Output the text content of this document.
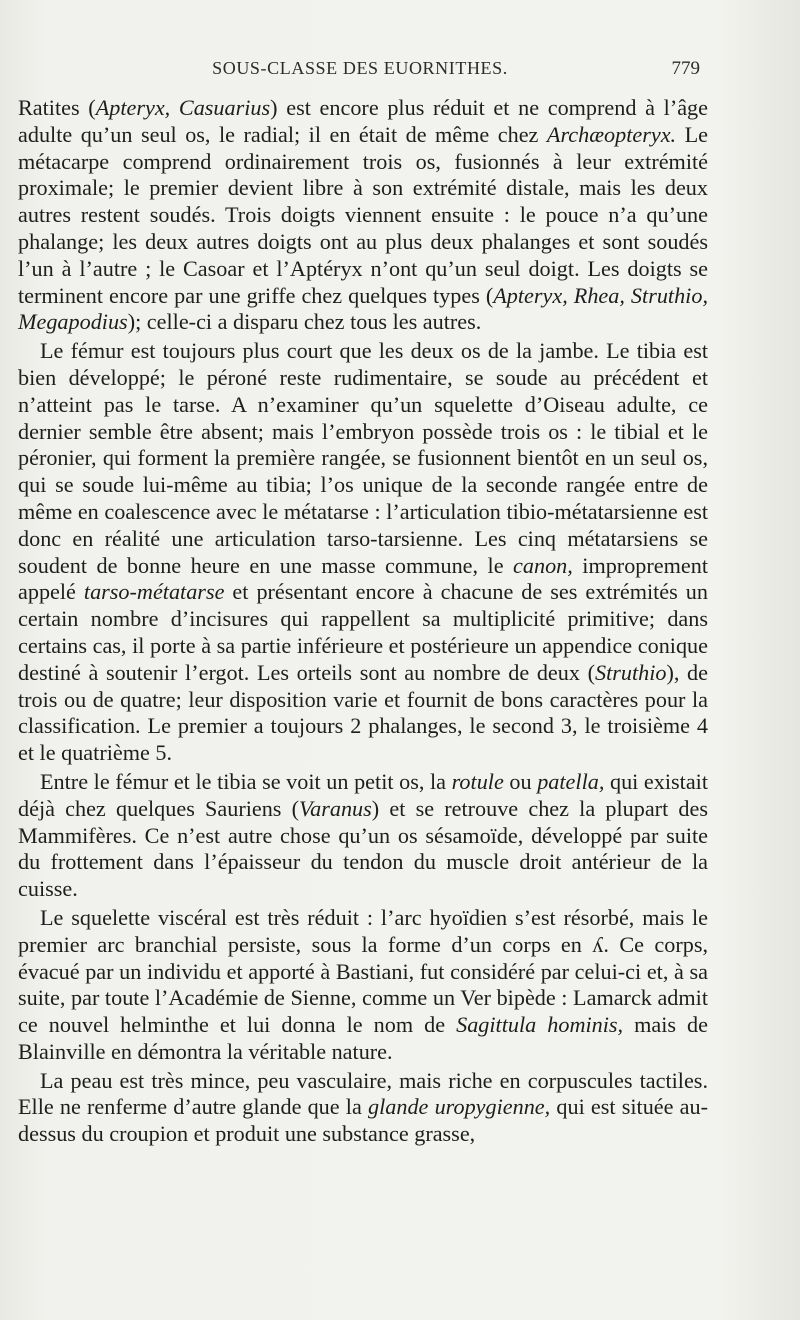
SOUS-CLASSE DES EUORNITHES.	779

Ratites (Apteryx, Casuarius) est encore plus réduit et ne comprend à l’âge adulte qu’un seul os, le radial; il en était de même chez Archæopteryx. Le métacarpe comprend ordinairement trois os, fusionnés à leur extrémité proximale; le premier devient libre à son extrémité distale, mais les deux autres restent soudés. Trois doigts viennent ensuite : le pouce n’a qu’une phalange; les deux autres doigts ont au plus deux phalanges et sont soudés l’un à l’autre ; le Casoar et l’Aptéryx n’ont qu’un seul doigt. Les doigts se terminent encore par une griffe chez quelques types (Apteryx, Rhea, Struthio, Megapodius); celle-ci a disparu chez tous les autres.

Le fémur est toujours plus court que les deux os de la jambe. Le tibia est bien développé; le péroné reste rudimentaire, se soude au précédent et n’atteint pas le tarse. A n’examiner qu’un squelette d’Oiseau adulte, ce dernier semble être absent; mais l’embryon possède trois os : le tibial et le péronier, qui forment la première rangée, se fusionnent bientôt en un seul os, qui se soude lui-même au tibia; l’os unique de la seconde rangée entre de même en coalescence avec le métatarse : l’articulation tibio-métatarsienne est donc en réalité une articulation tarso-tarsienne. Les cinq métatarsiens se soudent de bonne heure en une masse commune, le canon, improprement appelé tarso-métatarse et présentant encore à chacune de ses extrémités un certain nombre d’incisures qui rappellent sa multiplicité primitive; dans certains cas, il porte à sa partie inférieure et postérieure un appendice conique destiné à soutenir l’ergot. Les orteils sont au nombre de deux (Struthio), de trois ou de quatre; leur disposition varie et fournit de bons caractères pour la classification. Le premier a toujours 2 phalanges, le second 3, le troisième 4 et le quatrième 5.

Entre le fémur et le tibia se voit un petit os, la rotule ou patella, qui existait déjà chez quelques Sauriens (Varanus) et se retrouve chez la plupart des Mammifères. Ce n’est autre chose qu’un os sésamoïde, développé par suite du frottement dans l’épaisseur du tendon du muscle droit antérieur de la cuisse.

Le squelette viscéral est très réduit : l’arc hyoïdien s’est résorbé, mais le premier arc branchial persiste, sous la forme d’un corps en ʎ. Ce corps, évacué par un individu et apporté à Bastiani, fut considéré par celui-ci et, à sa suite, par toute l’Académie de Sienne, comme un Ver bipède : Lamarck admit ce nouvel helminthe et lui donna le nom de Sagittula hominis, mais de Blainville en démontra la véritable nature.

La peau est très mince, peu vasculaire, mais riche en corpuscules tactiles. Elle ne renferme d’autre glande que la glande uropygienne, qui est située au-dessus du croupion et produit une substance grasse,
